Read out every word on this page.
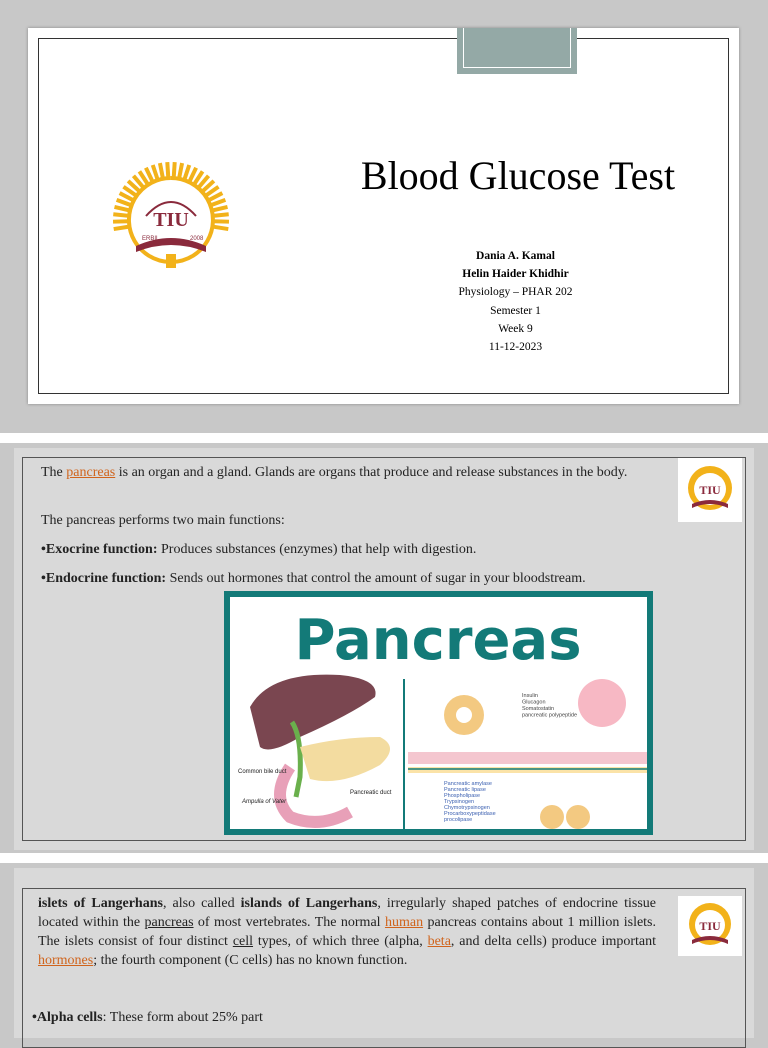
TIU
ERBIL	2008
Blood Glucose Test
Dania A. Kamal
Helin Haider Khidhir
Physiology – PHAR 202
Semester 1
Week 9
11-12-2023
The pancreas is an organ and a gland. Glands are organs that produce and release substances in the body.
The pancreas performs two main functions:
•Exocrine function: Produces substances (enzymes) that help with digestion.
•Endocrine function: Sends out hormones that control the amount of sugar in your bloodstream.
TIU
Pancreas
Common bile duct
Ampulla of Vater
Pancreatic duct
Insulin
Glucagon
Somatostatin
pancreatic polypeptide
Pancreatic amylase
Pancreatic lipase
Phospholipase
Trypsinogen
Chymotrypsinogen
Procarboxypeptidase
procolipase
islets of Langerhans, also called islands of Langerhans, irregularly shaped patches of endocrine tissue located within the pancreas of most vertebrates. The normal human pancreas contains about 1 million islets. The islets consist of four distinct cell types, of which three (alpha, beta, and delta cells) produce important hormones; the fourth component (C cells) has no known function.
•Alpha cells: These form about 25% part
TIU
